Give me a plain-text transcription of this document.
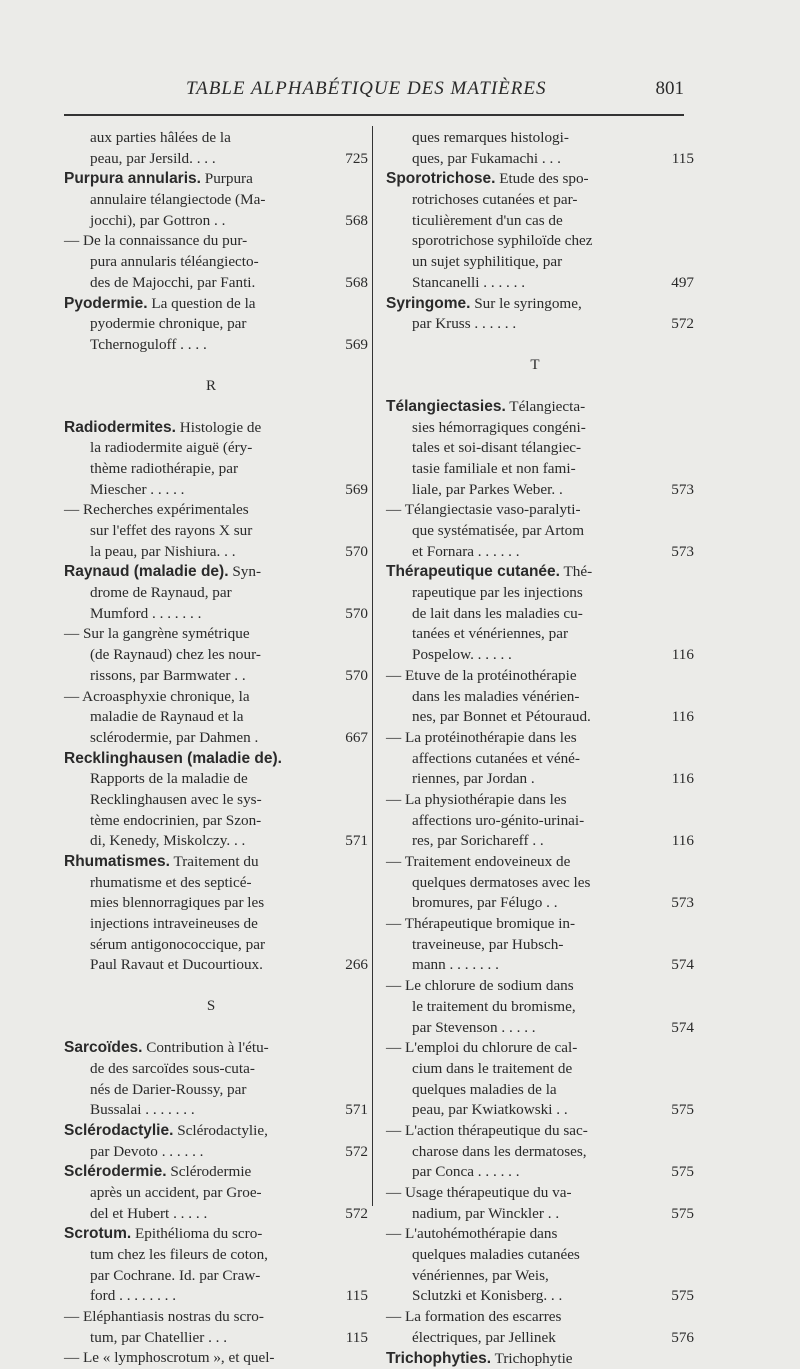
TABLE ALPHABÉTIQUE DES MATIÈRES	801
aux parties hâlées de la
peau, par Jersild. . . .	725
Purpura annularis. Purpura
annulaire télangiectode (Ma-
jocchi), par Gottron . .	568
— De la connaissance du pur-
pura annularis téléangiecto-
des de Majocchi, par Fanti.	568
Pyodermie. La question de la
pyodermie chronique, par
Tchernoguloff . . . .	569
R
Radiodermites. Histologie de
la radiodermite aiguë (éry-
thème radiothérapie, par
Miescher . . . . .	569
— Recherches expérimentales
sur l'effet des rayons X sur
la peau, par Nishiura. . .	570
Raynaud (maladie de). Syn-
drome de Raynaud, par
Mumford . . . . . . .	570
— Sur la gangrène symétrique
(de Raynaud) chez les nour-
rissons, par Barmwater . .	570
— Acroasphyxie chronique, la
maladie de Raynaud et la
sclérodermie, par Dahmen .	667
Recklinghausen (maladie de).
Rapports de la maladie de
Recklinghausen avec le sys-
tème endocrinien, par Szon-
di, Kenedy, Miskolczy. . .	571
Rhumatismes. Traitement du
rhumatisme et des septicé-
mies blennorragiques par les
injections intraveineuses de
sérum antigonococcique, par
Paul Ravaut et Ducourtioux.	266
S
Sarcoïdes. Contribution à l'étu-
de des sarcoïdes sous-cuta-
nés de Darier-Roussy, par
Bussalai . . . . . . .	571
Sclérodactylie. Sclérodactylie,
par Devoto . . . . . .	572
Sclérodermie. Sclérodermie
après un accident, par Groe-
del et Hubert . . . . .	572
Scrotum. Epithélioma du scro-
tum chez les fileurs de coton,
par Cochrane. Id. par Craw-
ford . . . . . . . .	115
— Eléphantiasis nostras du scro-
tum, par Chatellier . . .	115
— Le « lymphoscrotum », et quel-
ques remarques histologi-
ques, par Fukamachi . . .	115
Sporotrichose. Etude des spo-
rotrichoses cutanées et par-
ticulièrement d'un cas de
sporotrichose syphiloïde chez
un sujet syphilitique, par
Stancanelli . . . . . .	497
Syringome. Sur le syringome,
par Kruss . . . . . .	572
T
Télangiectasies. Télangiecta-
sies hémorragiques congéni-
tales et soi-disant télangiec-
tasie familiale et non fami-
liale, par Parkes Weber. .	573
— Télangiectasie vaso-paralyti-
que systématisée, par Artom
et Fornara . . . . . .	573
Thérapeutique cutanée. Thé-
rapeutique par les injections
de lait dans les maladies cu-
tanées et vénériennes, par
Pospelow. . . . . .	116
— Etuve de la protéinothérapie
dans les maladies vénérien-
nes, par Bonnet et Pétouraud.	116
— La protéinothérapie dans les
affections cutanées et véné-
riennes, par Jordan .	116
— La physiothérapie dans les
affections uro-génito-urinai-
res, par Sorichareff . .	116
— Traitement endoveineux de
quelques dermatoses avec les
bromures, par Félugo . .	573
— Thérapeutique bromique in-
traveineuse, par Hubsch-
mann . . . . . . .	574
— Le chlorure de sodium dans
le traitement du bromisme,
par Stevenson . . . . .	574
— L'emploi du chlorure de cal-
cium dans le traitement de
quelques maladies de la
peau, par Kwiatkowski . .	575
— L'action thérapeutique du sac-
charose dans les dermatoses,
par Conca . . . . . .	575
— Usage thérapeutique du va-
nadium, par Winckler . .	575
— L'autohémothérapie dans
quelques maladies cutanées
vénériennes, par Weis,
Sclutzki et Konisberg. . .	575
— La formation des escarres
électriques, par Jellinek	576
Trichophyties. Trichophytie
